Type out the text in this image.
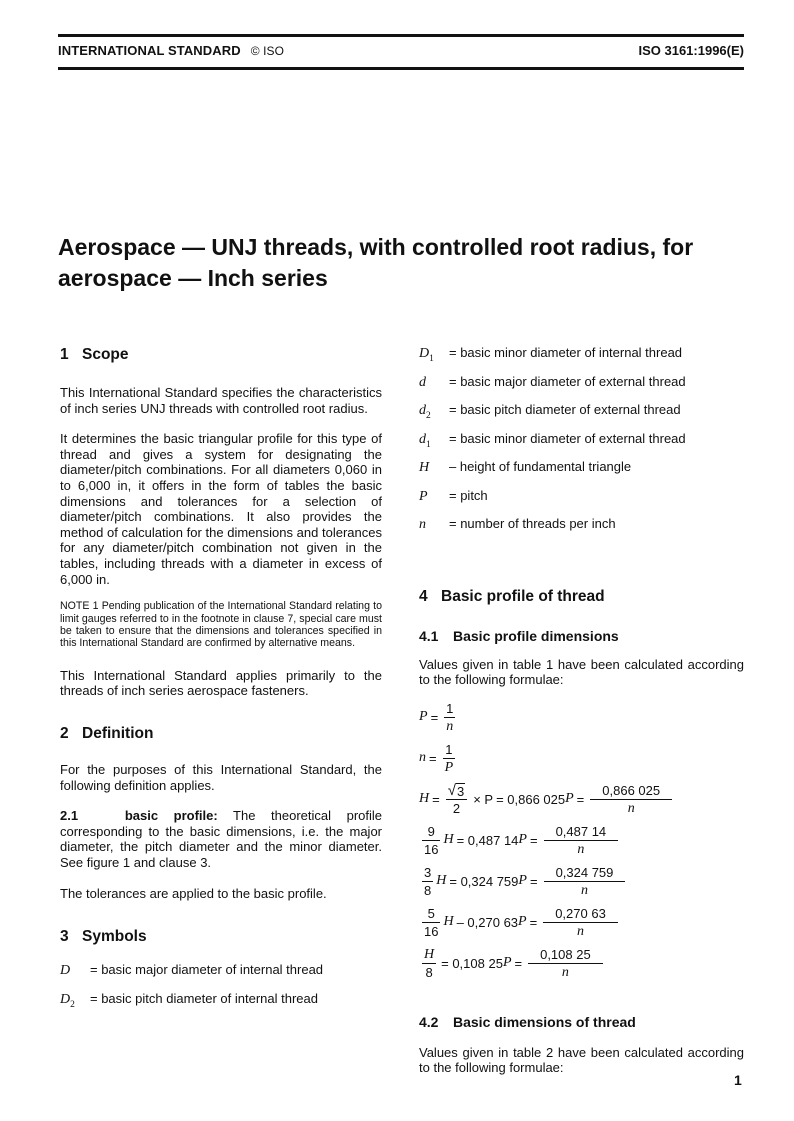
INTERNATIONAL STANDARD © ISO	ISO 3161:1996(E)
Aerospace — UNJ threads, with controlled root radius, for
aerospace — Inch series
1 Scope

This International Standard specifies the characteristics of inch series UNJ threads with controlled root radius.

It determines the basic triangular profile for this type of thread and gives a system for designating the diameter/pitch combinations. For all diameters 0,060 in to 6,000 in, it offers in the form of tables the basic dimensions and tolerances for a selection of diameter/pitch combinations. It also provides the method of calculation for the dimensions and tolerances for any diameter/pitch combination not given in the tables, including threads with a diameter in excess of 6,000 in.

NOTE 1 Pending publication of the International Standard relating to limit gauges referred to in the footnote in clause 7, special care must be taken to ensure that the dimensions and tolerances specified in this International Standard are confirmed by alternative means.

This International Standard applies primarily to the threads of inch series aerospace fasteners.

2 Definition

For the purposes of this International Standard, the following definition applies.

2.1	basic profile: The theoretical profile corresponding to the basic dimensions, i.e. the major diameter, the pitch diameter and the minor diameter. See figure 1 and clause 3.

The tolerances are applied to the basic profile.

3 Symbols
D	= basic major diameter of internal thread
$D_2$	= basic pitch diameter of internal thread
$D_1$	= basic minor diameter of internal thread
d	= basic major diameter of external thread
$d_2$	= basic pitch diameter of external thread
$d_1$	= basic minor diameter of external thread
H	– height of fundamental triangle
P	= pitch
n	= number of threads per inch
4 Basic profile of thread
4.1 Basic profile dimensions

Values given in table 1 have been calculated according to the following formulae:

$P = \frac{1}{n}$
$n = \frac{1}{P}$
$H = \frac{√ 3}{2} \times P = 0,866$ 025 $P = \frac{0,866 025}{n}$
$\frac{9}{16}$ H = 0,487 14 $P = \frac{0,487 14}{n}$
$\frac{3}{8}$ H = 0,324 759 $P = \frac{0,324 759}{n}$
$\frac{5}{16}$ H – 0,270 63 $P = \frac{0,270 63}{n}$
$\frac{H}{8} = 0,108$ 25 $P = \frac{0,108 25}{n}$
4.2 Basic dimensions of thread

Values given in table 2 have been calculated according to the following formulae:

1
